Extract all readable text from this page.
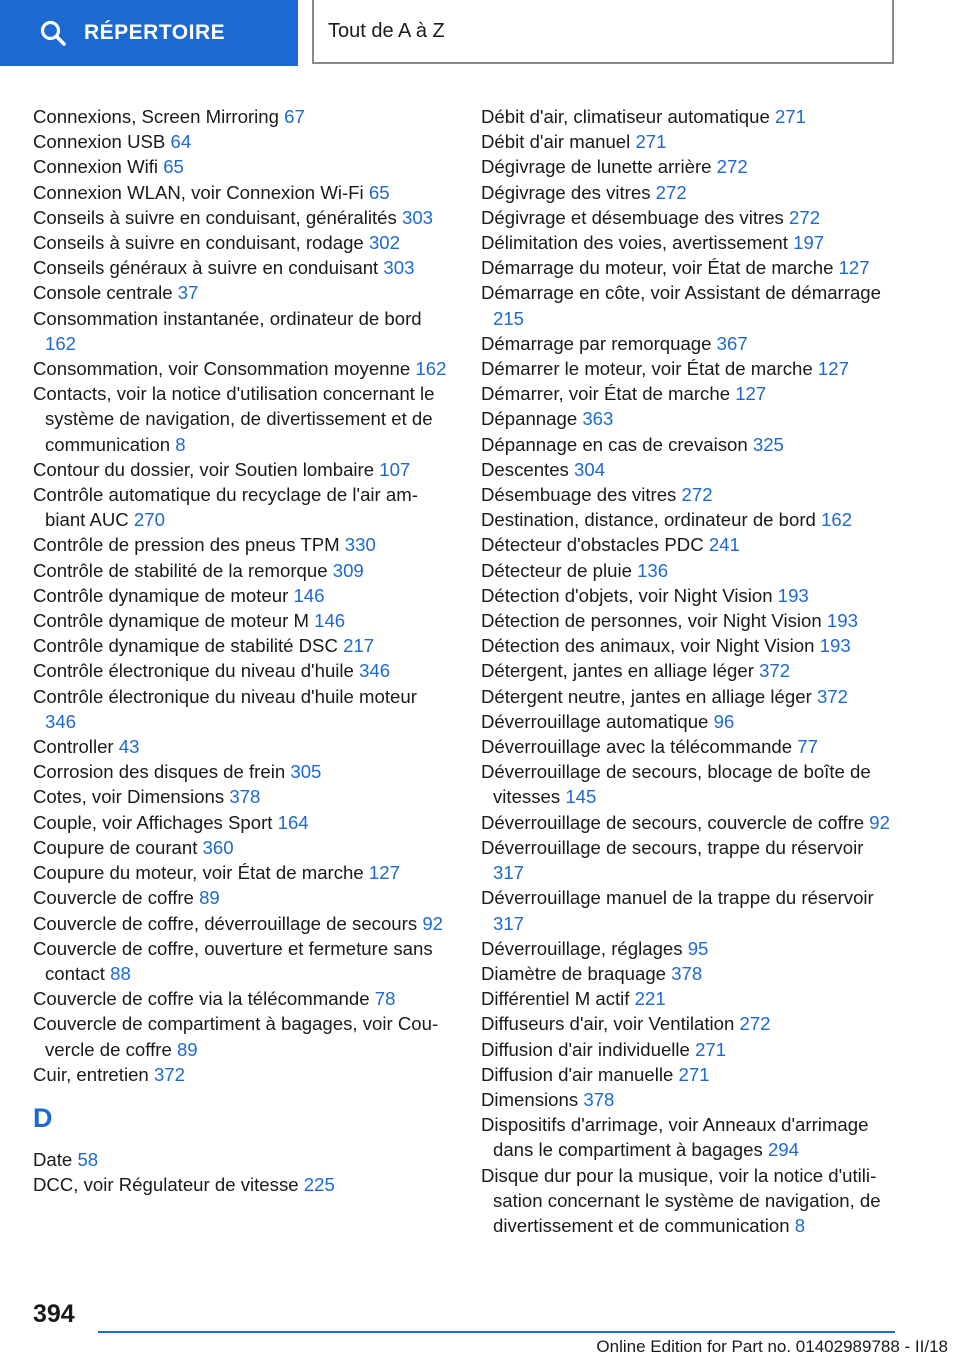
RÉPERTOIRE	Tout de A à Z
Connexions, Screen Mirroring 67
Connexion USB 64
Connexion Wifi 65
Connexion WLAN, voir Connexion Wi‑Fi 65
Conseils à suivre en conduisant, généralités 303
Conseils à suivre en conduisant, rodage 302
Conseils généraux à suivre en conduisant 303
Console centrale 37
Consommation instantanée, ordinateur de bord 162
Consommation, voir Consommation moyenne 162
Contacts, voir la notice d'utilisation concernant le système de navigation, de divertissement et de communication 8
Contour du dossier, voir Soutien lombaire 107
Contrôle automatique du recyclage de l'air ambiant AUC 270
Contrôle de pression des pneus TPM 330
Contrôle de stabilité de la remorque 309
Contrôle dynamique de moteur 146
Contrôle dynamique de moteur M 146
Contrôle dynamique de stabilité DSC 217
Contrôle électronique du niveau d'huile 346
Contrôle électronique du niveau d'huile moteur 346
Controller 43
Corrosion des disques de frein 305
Cotes, voir Dimensions 378
Couple, voir Affichages Sport 164
Coupure de courant 360
Coupure du moteur, voir État de marche 127
Couvercle de coffre 89
Couvercle de coffre, déverrouillage de secours 92
Couvercle de coffre, ouverture et fermeture sans contact 88
Couvercle de coffre via la télécommande 78
Couvercle de compartiment à bagages, voir Couvercle de coffre 89
Cuir, entretien 372
D
Date 58
DCC, voir Régulateur de vitesse 225
Débit d'air, climatiseur automatique 271
Débit d'air manuel 271
Dégivrage de lunette arrière 272
Dégivrage des vitres 272
Dégivrage et désembuage des vitres 272
Délimitation des voies, avertissement 197
Démarrage du moteur, voir État de marche 127
Démarrage en côte, voir Assistant de démarrage 215
Démarrage par remorquage 367
Démarrer le moteur, voir État de marche 127
Démarrer, voir État de marche 127
Dépannage 363
Dépannage en cas de crevaison 325
Descentes 304
Désembuage des vitres 272
Destination, distance, ordinateur de bord 162
Détecteur d'obstacles PDC 241
Détecteur de pluie 136
Détection d'objets, voir Night Vision 193
Détection de personnes, voir Night Vision 193
Détection des animaux, voir Night Vision 193
Détergent, jantes en alliage léger 372
Détergent neutre, jantes en alliage léger 372
Déverrouillage automatique 96
Déverrouillage avec la télécommande 77
Déverrouillage de secours, blocage de boîte de vitesses 145
Déverrouillage de secours, couvercle de coffre 92
Déverrouillage de secours, trappe du réservoir 317
Déverrouillage manuel de la trappe du réservoir 317
Déverrouillage, réglages 95
Diamètre de braquage 378
Différentiel M actif 221
Diffuseurs d'air, voir Ventilation 272
Diffusion d'air individuelle 271
Diffusion d'air manuelle 271
Dimensions 378
Dispositifs d'arrimage, voir Anneaux d'arrimage dans le compartiment à bagages 294
Disque dur pour la musique, voir la notice d'utilisation concernant le système de navigation, de divertissement et de communication 8
394
Online Edition for Part no. 01402989788 - II/18
